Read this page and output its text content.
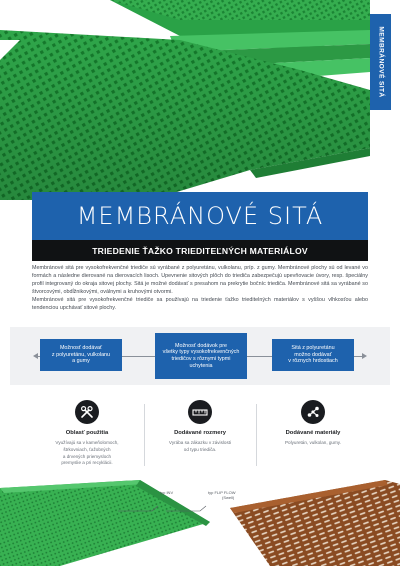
MEMBRÁNOVÉ SITÁ
MEMBRÁNOVÉ SITÁ
TRIEDENIE ŤAŽKO TRIEDITEĽNÝCH MATERIÁLOV

Membránové sitá pre vysokofrekvenčné triediče sú vyrábané z polyuretánu, vulkolanu, príp. z gumy. Membránové plochy sú od levané vo formách a následne dierované na dierovacích lisoch. Upevnenie sitových plôch do triediča zabezpečujú upevňovacie úvory, resp. špeciálny profil integrovaný do okraja sitovej plochy. Sitá je možné dodávať s presahom na prekrytie bočníc triediča. Membránové sitá sa vyrábané so štvorcovými, obdĺžnikovými, oválnymi a kruhovými otvormi.

Membránové sitá pre vysokofrekvenčné triediče sa používajú na triedenie ťažko trieditelných materiálov s vyššou vlhkosťou alebo tendenciou upchávať sitové plochy.

Možnosť dodávať
z polyuretánu, vulkolanu
a gumy
Možnosť dodávok pre
všetky typy vysokofrekvenčných
triedičov s rôznymi typmi
uchytenia
Sitá z polyuretánu
možno dodávať
v rôznych hrdostiach
Oblasť použitia
Využívajú sa v kameňolomoch,
štrkovniach, ťažobných
a drvených priemysloch
premyslie a pri recyklácii.
Dodávané rozmery
Vyrába sa zákazku v závislosti
od typu triediča.
Dodávané materiály
Polyuretán, vulkolan, gumy.
typ INV	typ FLIP FLOW
(Swell)
